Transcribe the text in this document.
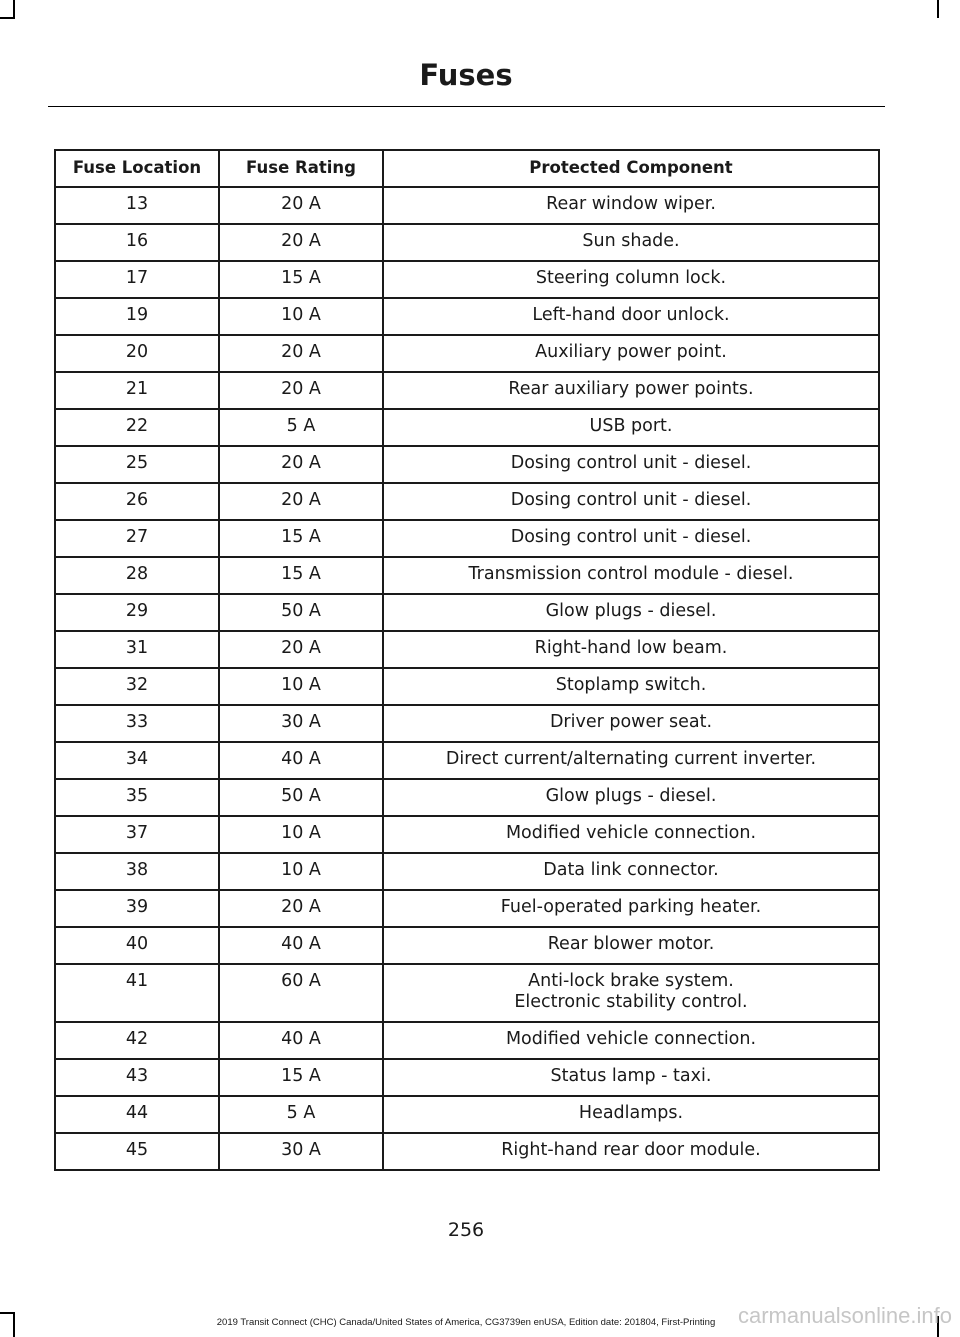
Fuses
Fuse Location	Fuse Rating	Protected Component
13	20 A	Rear window wiper.

16	20 A	Sun shade.

17	15 A	Steering column lock.

19	10 A	Left-hand door unlock.

20	20 A	Auxiliary power point.

21	20 A	Rear auxiliary power points.

22	5 A	USB port.

25	20 A	Dosing control unit - diesel.

26	20 A	Dosing control unit - diesel.

27	15 A	Dosing control unit - diesel.

28	15 A	Transmission control module - diesel.

29	50 A	Glow plugs - diesel.

31	20 A	Right-hand low beam.

32	10 A	Stoplamp switch.

33	30 A	Driver power seat.

34	40 A	Direct current/alternating current inverter.

35	50 A	Glow plugs - diesel.

37	10 A	Modified vehicle connection.

38	10 A	Data link connector.

39	20 A	Fuel-operated parking heater.

40	40 A	Rear blower motor.

41	60 A	Anti-lock brake system.
Electronic stability control.

42	40 A	Modified vehicle connection.

43	15 A	Status lamp - taxi.

44	5 A	Headlamps.

45	30 A	Right-hand rear door module.
256
2019 Transit Connect (CHC) Canada/United States of America, CG3739en enUSA, Edition date: 201804, First-Printing	carmanualsonline.info
